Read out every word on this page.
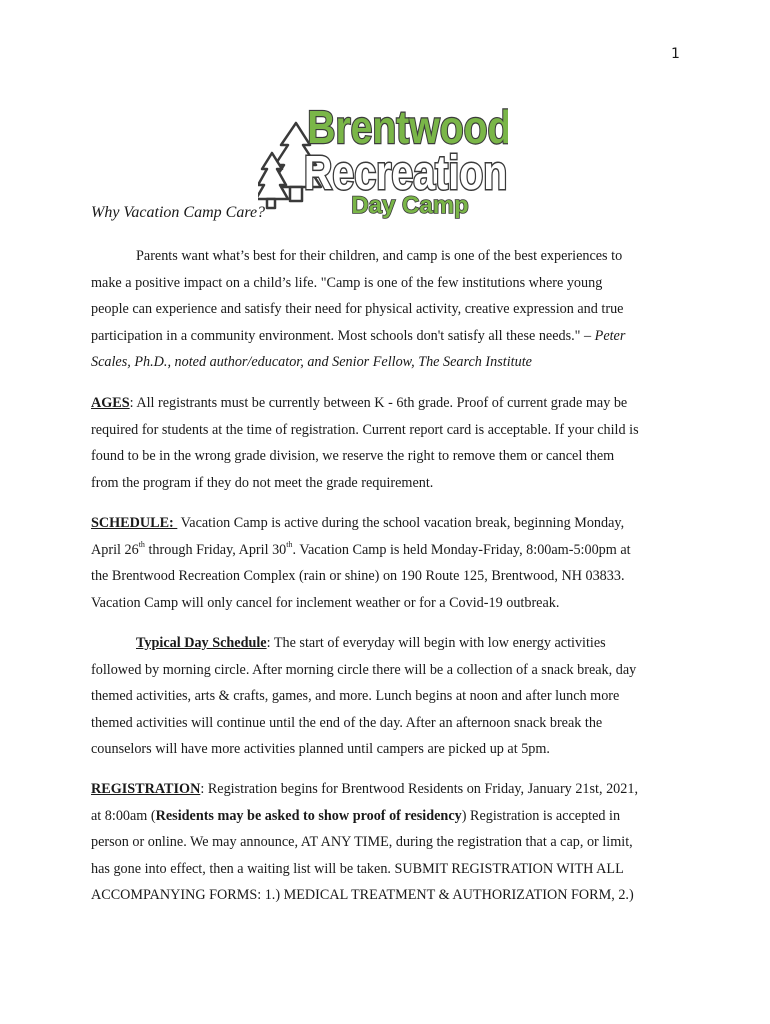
1
Brentwood
Recreation
Day Camp
Why Vacation Camp Care?

Parents want what’s best for their children, and camp is one of the best experiences to

make a positive impact on a child’s life. "Camp is one of the few institutions where young

people can experience and satisfy their need for physical activity, creative expression and true

participation in a community environment. Most schools don't satisfy all these needs." – Peter

Scales, Ph.D., noted author/educator, and Senior Fellow, The Search Institute

AGES: All registrants must be currently between K - 6th grade. Proof of current grade may be

required for students at the time of registration. Current report card is acceptable. If your child is

found to be in the wrong grade division, we reserve the right to remove them or cancel them

from the program if they do not meet the grade requirement.

SCHEDULE:  Vacation Camp is active during the school vacation break, beginning Monday,

April 26th through Friday, April 30th. Vacation Camp is held Monday-Friday, 8:00am-5:00pm at

the Brentwood Recreation Complex (rain or shine) on 190 Route 125, Brentwood, NH 03833.

Vacation Camp will only cancel for inclement weather or for a Covid-19 outbreak.

Typical Day Schedule: The start of everyday will begin with low energy activities

followed by morning circle. After morning circle there will be a collection of a snack break, day

themed activities, arts & crafts, games, and more. Lunch begins at noon and after lunch more

themed activities will continue until the end of the day. After an afternoon snack break the

counselors will have more activities planned until campers are picked up at 5pm.

REGISTRATION: Registration begins for Brentwood Residents on Friday, January 21st, 2021,

at 8:00am (Residents may be asked to show proof of residency) Registration is accepted in

person or online. We may announce, AT ANY TIME, during the registration that a cap, or limit,

has gone into effect, then a waiting list will be taken. SUBMIT REGISTRATION WITH ALL

ACCOMPANYING FORMS: 1.) MEDICAL TREATMENT & AUTHORIZATION FORM, 2.)
